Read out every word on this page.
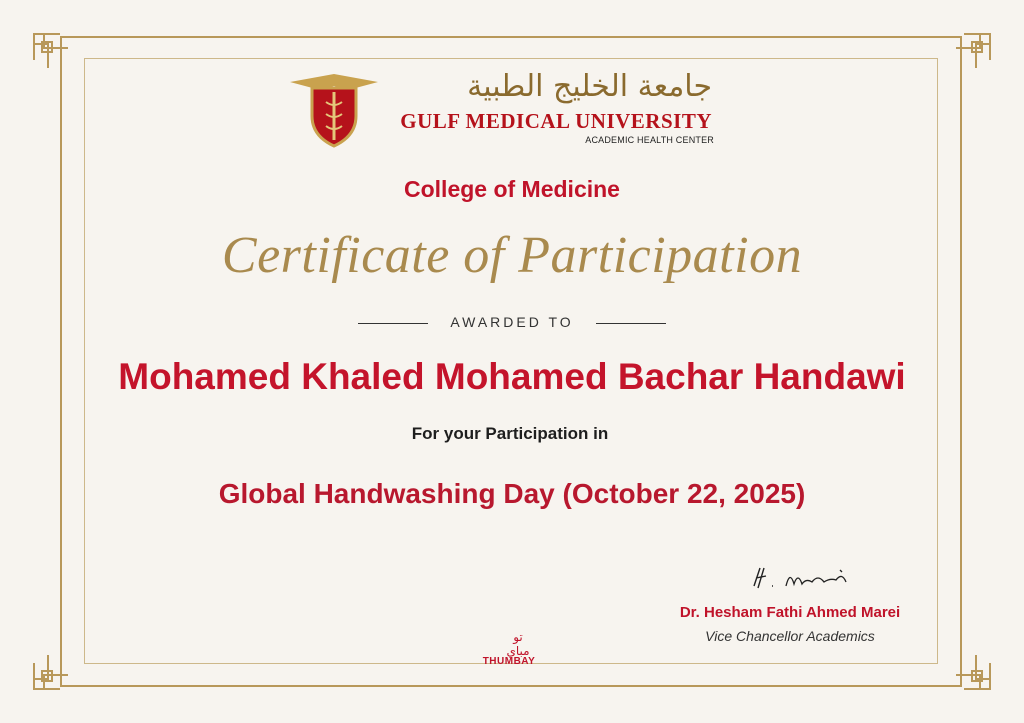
جامعة الخليج الطبية
GULF MEDICAL UNIVERSITY
ACADEMIC HEALTH CENTER
College of Medicine
Certificate of Participation
AWARDED TO
Mohamed Khaled Mohamed Bachar Handawi
For your Participation in
Global Handwashing Day (October 22, 2025)
Dr. Hesham Fathi Ahmed Marei
Vice Chancellor Academics
تو مباي
THUMBAY
